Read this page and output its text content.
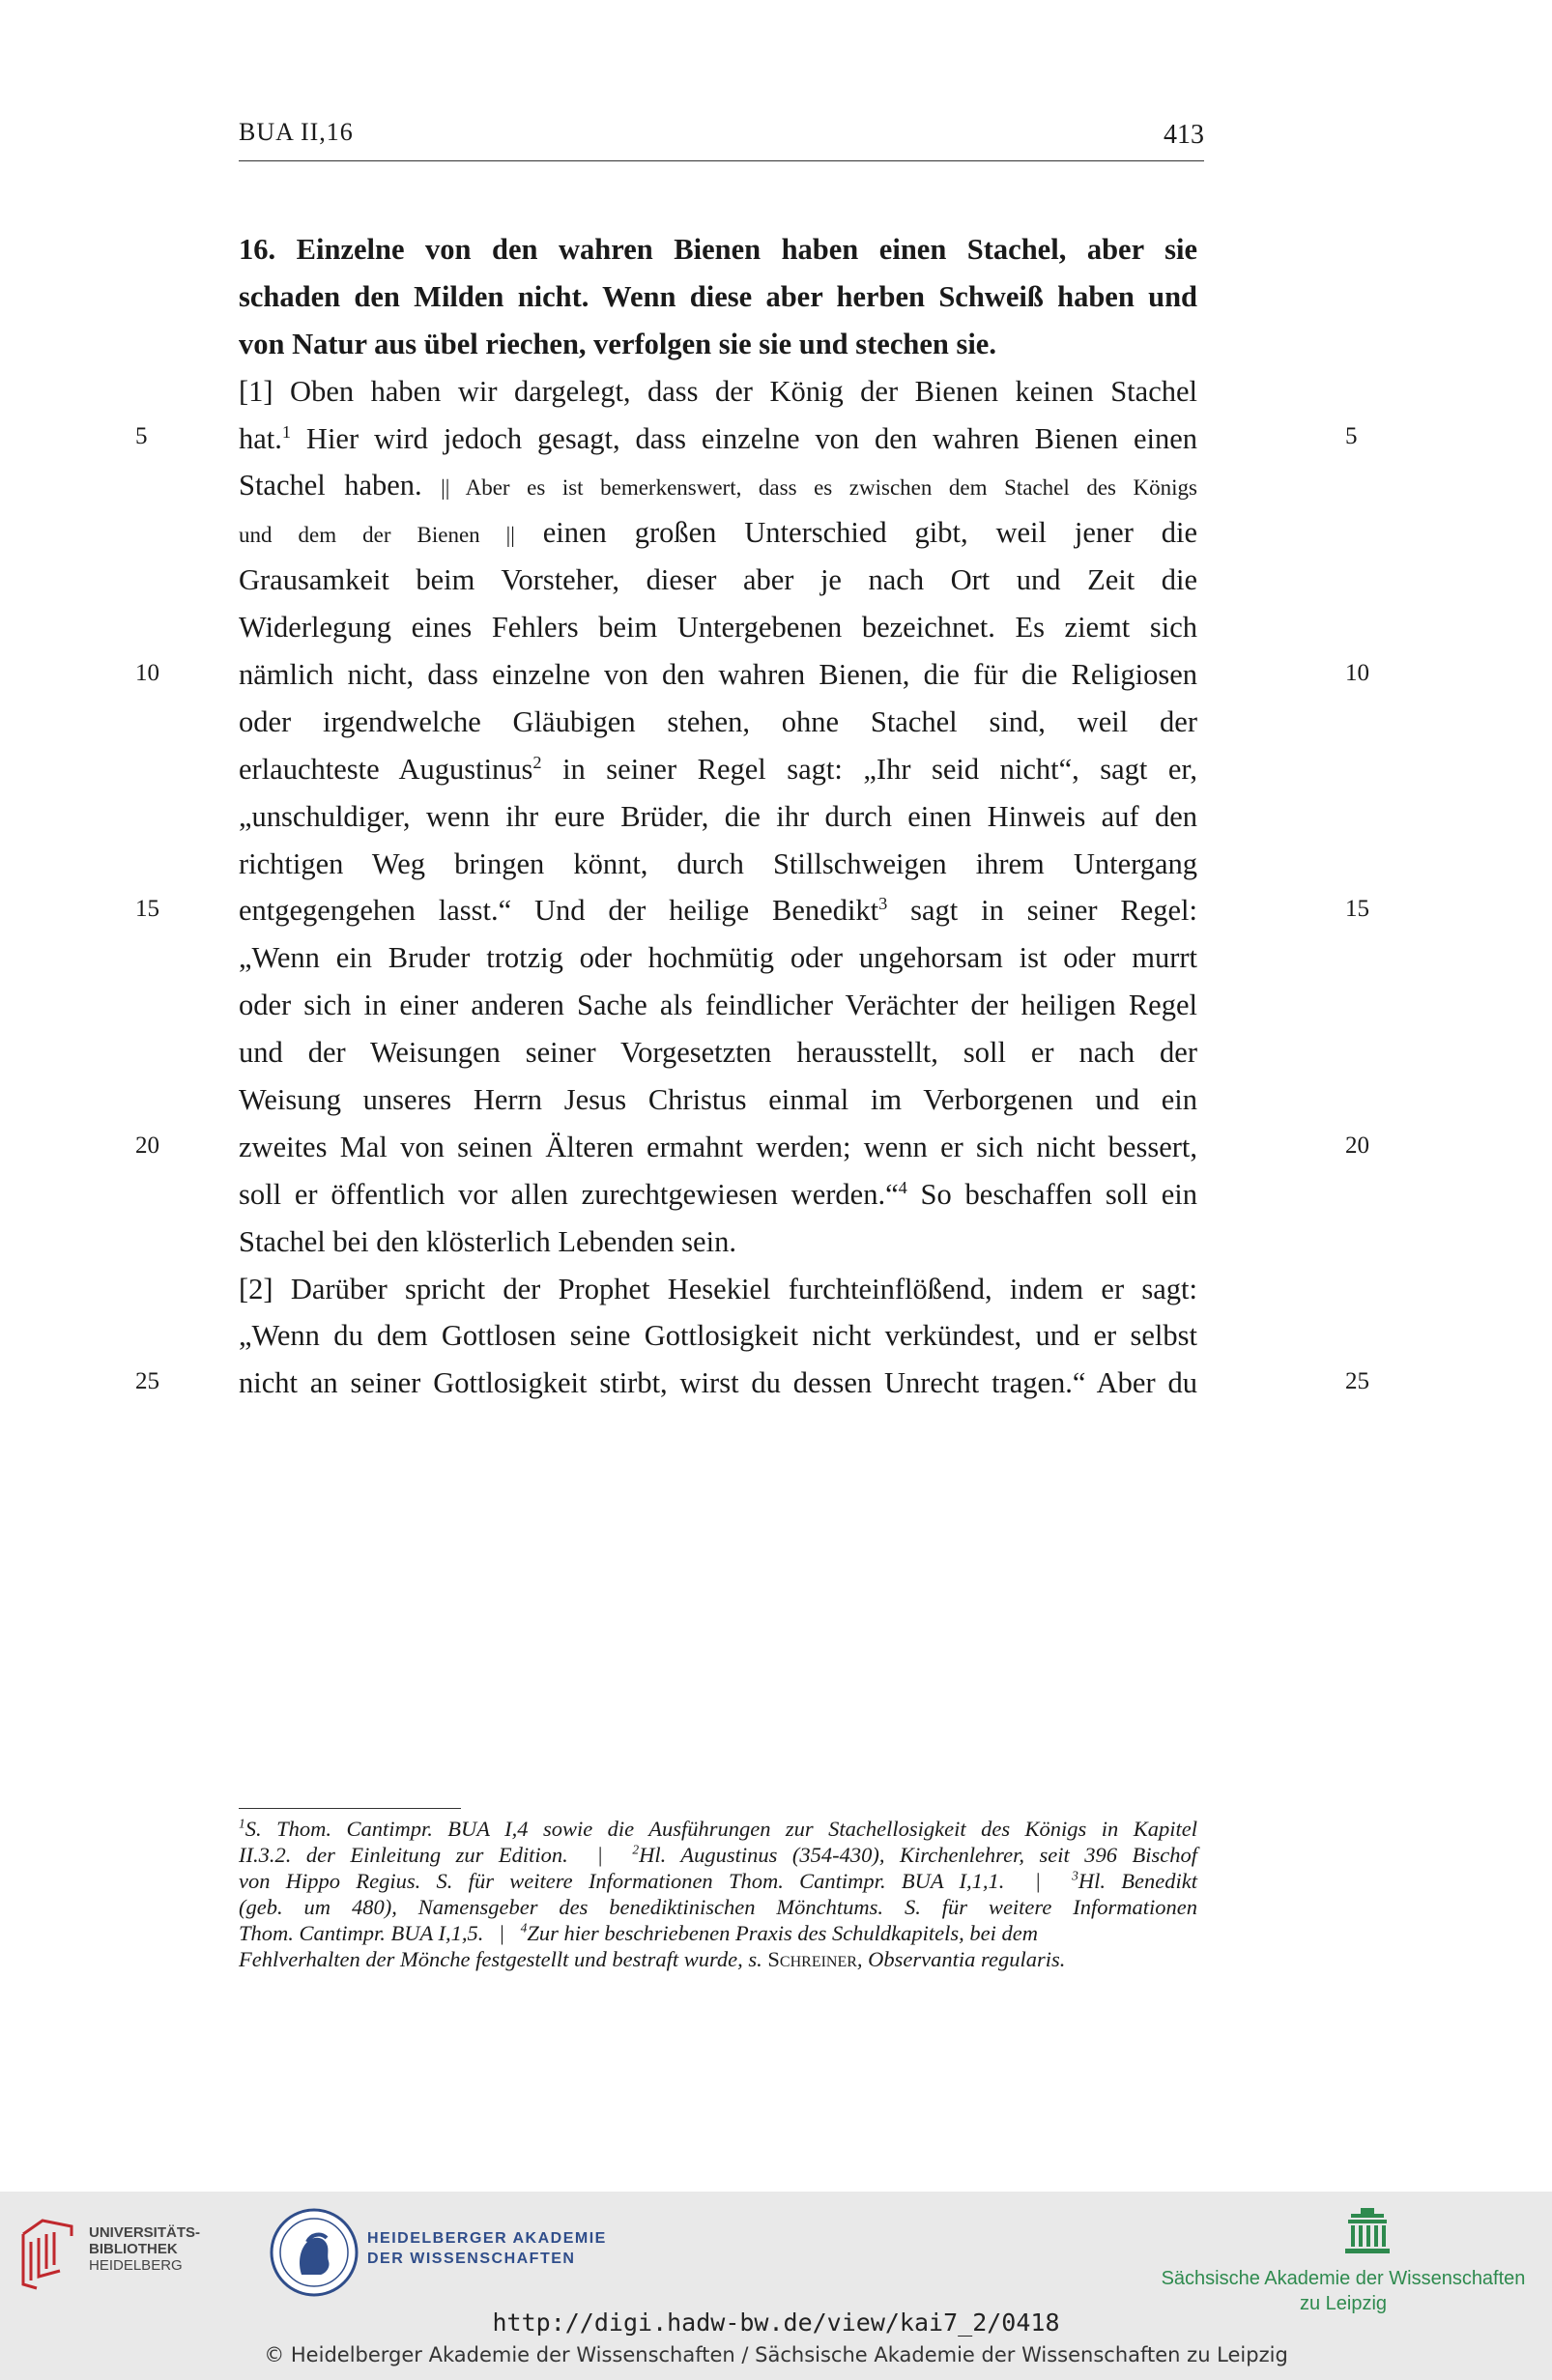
BUA II,16	413
5	5
10	10
15	15
20	20
25	25
16. Einzelne von den wahren Bienen haben einen Stachel, aber sie
schaden den Milden nicht. Wenn diese aber herben Schweiß haben und
von Natur aus übel riechen, verfolgen sie sie und stechen sie.
[1] Oben haben wir dargelegt, dass der König der Bienen keinen Stachel
hat.$^1$ Hier wird jedoch gesagt, dass einzelne von den wahren Bienen einen
Stachel haben. || Aber es ist bemerkenswert, dass es zwischen dem Stachel des Königs
und dem der Bienen || einen großen Unterschied gibt, weil jener die
Grausamkeit beim Vorsteher, dieser aber je nach Ort und Zeit die
Widerlegung eines Fehlers beim Untergebenen bezeichnet. Es ziemt sich
nämlich nicht, dass einzelne von den wahren Bienen, die für die Religiosen
oder irgendwelche Gläubigen stehen, ohne Stachel sind, weil der
erlauchteste Augustinus$^2$ in seiner Regel sagt: „Ihr seid nicht“, sagt er,
„unschuldiger, wenn ihr eure Brüder, die ihr durch einen Hinweis auf den
richtigen Weg bringen könnt, durch Stillschweigen ihrem Untergang
entgegengehen lasst.“ Und der heilige Benedikt$^3$ sagt in seiner Regel:
„Wenn ein Bruder trotzig oder hochmütig oder ungehorsam ist oder murrt
oder sich in einer anderen Sache als feindlicher Verächter der heiligen Regel
und der Weisungen seiner Vorgesetzten herausstellt, soll er nach der
Weisung unseres Herrn Jesus Christus einmal im Verborgenen und ein
zweites Mal von seinen Älteren ermahnt werden; wenn er sich nicht bessert,
soll er öffentlich vor allen zurechtgewiesen werden.“$^4$ So beschaffen soll ein
Stachel bei den klösterlich Lebenden sein.
[2] Darüber spricht der Prophet Hesekiel furchteinflößend, indem er sagt:
„Wenn du dem Gottlosen seine Gottlosigkeit nicht verkündest, und er selbst
nicht an seiner Gottlosigkeit stirbt, wirst du dessen Unrecht tragen.“ Aber du
$^1$S. Thom. Cantimpr. BUA I,4 sowie die Ausführungen zur Stachellosigkeit des Königs in Kapitel
II.3.2. der Einleitung zur Edition. | $^2$Hl. Augustinus (354-430), Kirchenlehrer, seit 396 Bischof
von Hippo Regius. S. für weitere Informationen Thom. Cantimpr. BUA I,1,1. | $^3$Hl. Benedikt
(geb. um 480), Namensgeber des benediktinischen Mönchtums. S. für weitere Informationen
Thom. Cantimpr. BUA I,1,5. | $^4$Zur hier beschriebenen Praxis des Schuldkapitels, bei dem
Fehlverhalten der Mönche festgestellt und bestraft wurde, s. Schreiner, Observantia regularis.
UNIVERSITÄTS-
BIBLIOTHEK
HEIDELBERG
HEIDELBERGER AKADEMIE
DER WISSENSCHAFTEN
Sächsische Akademie der Wissenschaften
zu Leipzig
http://digi.hadw-bw.de/view/kai7_2/0418
© Heidelberger Akademie der Wissenschaften / Sächsische Akademie der Wissenschaften zu Leipzig
